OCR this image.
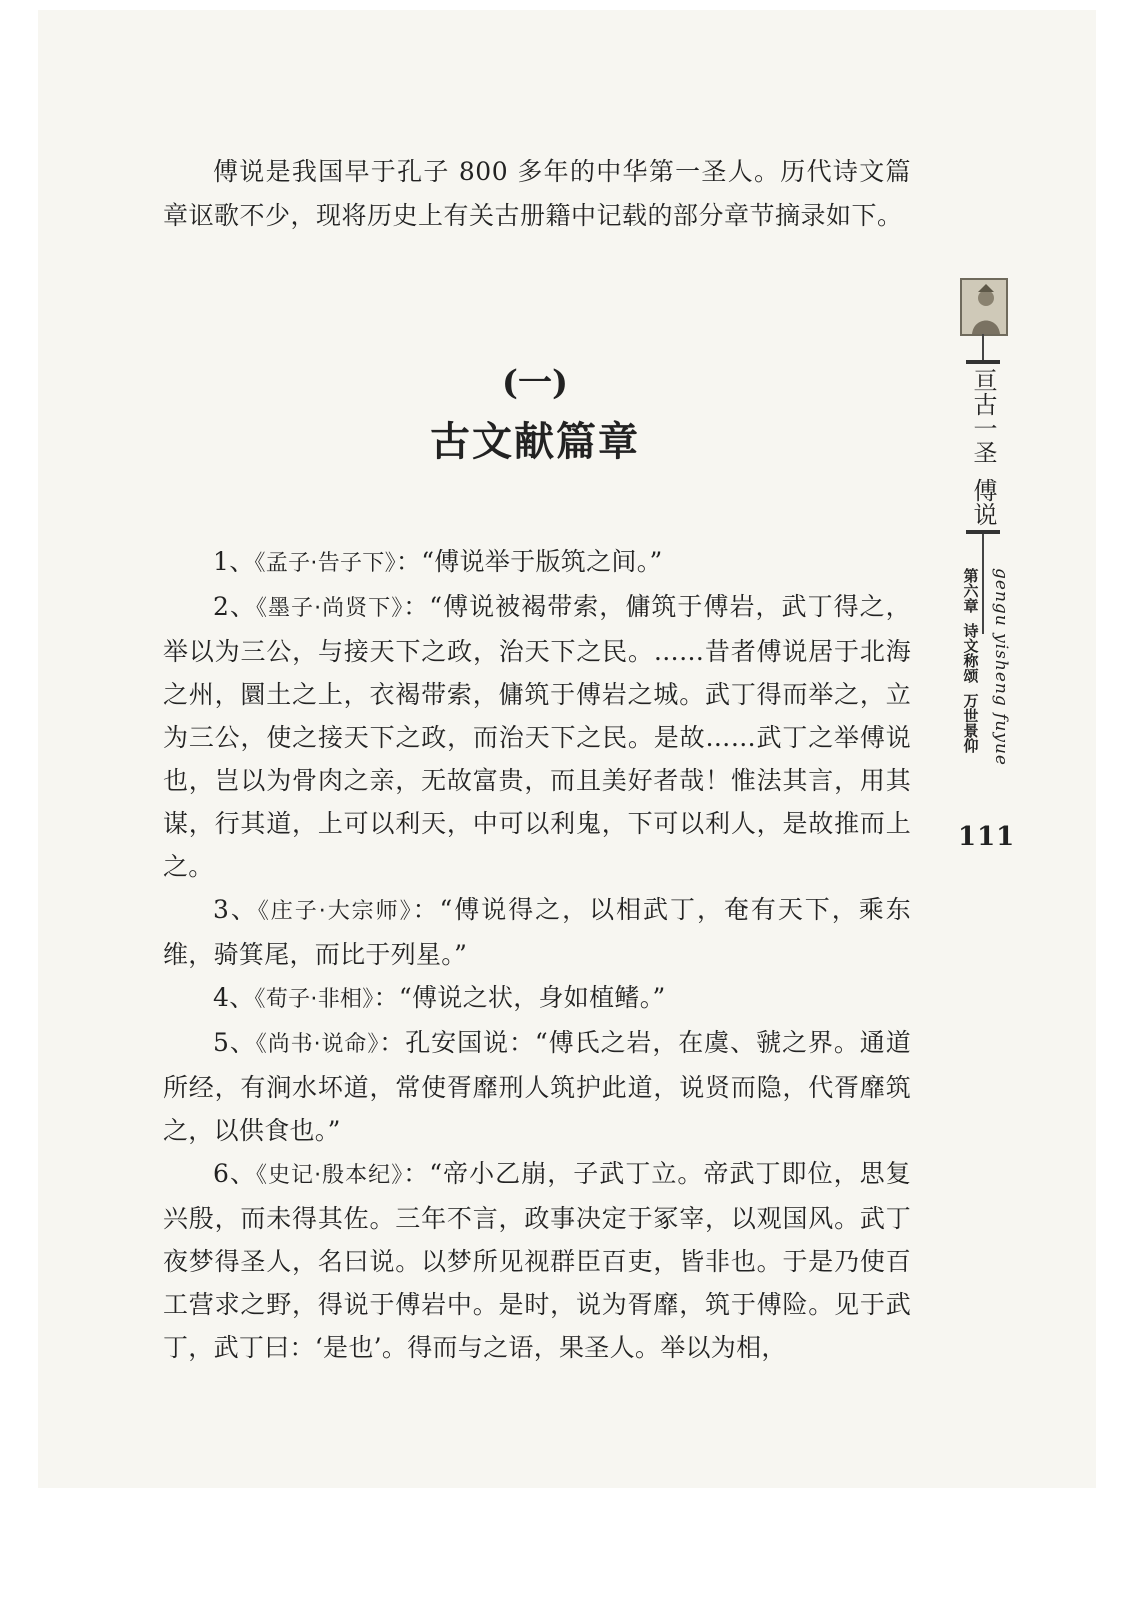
傅说是我国早于孔子 800 多年的中华第一圣人。历代诗文篇章讴歌不少，现将历史上有关古册籍中记载的部分章节摘录如下。

(一)
古文献篇章

1、《孟子·告子下》：“傅说举于版筑之间。”

2、《墨子·尚贤下》：“傅说被褐带索，傭筑于傅岩，武丁得之，举以为三公，与接天下之政，治天下之民。……昔者傅说居于北海之州，圜土之上，衣褐带索，傭筑于傅岩之城。武丁得而举之，立为三公，使之接天下之政，而治天下之民。是故……武丁之举傅说也，岂以为骨肉之亲，无故富贵，而且美好者哉！惟法其言，用其谋，行其道，上可以利天，中可以利鬼，下可以利人，是故推而上之。

3、《庄子·大宗师》：“傅说得之，以相武丁，奄有天下，乘东维，骑箕尾，而比于列星。”

4、《荀子·非相》：“傅说之状，身如植鳍。”

5、《尚书·说命》：孔安国说：“傅氏之岩，在虞、虢之界。通道所经，有涧水坏道，常使胥靡刑人筑护此道，说贤而隐，代胥靡筑之，以供食也。”

6、《史记·殷本纪》：“帝小乙崩，子武丁立。帝武丁即位，思复兴殷，而未得其佐。三年不言，政事决定于冢宰，以观国风。武丁夜梦得圣人，名曰说。以梦所见视群臣百吏，皆非也。于是乃使百工营求之野，得说于傅岩中。是时，说为胥靡，筑于傅险。见于武丁，武丁曰：‘是也’。得而与之语，果圣人。举以为相，

亘古一圣
傅说
第六章
诗文称颂
万世景仰 gengu yisheng fuyue
111
